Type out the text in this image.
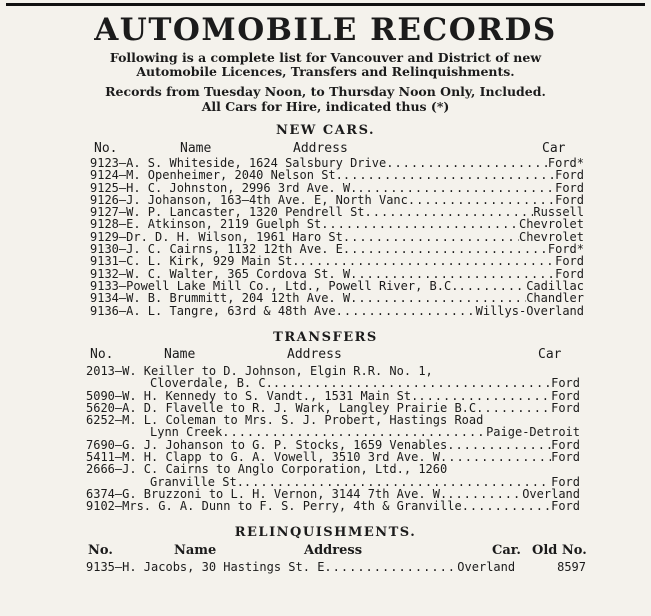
AUTOMOBILE RECORDS
Following is a complete list for Vancouver and District of new
Automobile Licences, Transfers and Relinquishments.
Records from Tuesday Noon, to Thursday Noon Only, Included.
All Cars for Hire, indicated thus (*)
NEW CARS.
No.	Name	Address	Car
9123—A. S. Whiteside, 1624 Salsbury Drive .....	Ford*
9124—M. Openheimer, 2040 Nelson St. .....	Ford
9125—H. C. Johnston, 2996 3rd Ave. W. .....	Ford
9126—J. Johanson, 163—4th Ave. E, North Vanc .....	Ford
9127—W. P. Lancaster, 1320 Pendrell St .....	Russell
9128—E. Atkinson, 2119 Guelph St .....	Chevrolet
9129—Dr. D. H. Wilson, 1961 Haro St .....	Chevrolet
9130—J. C. Cairns, 1132 12th Ave. E .....	Ford*
9131—C. L. Kirk, 929 Main St. .....	Ford
9132—W. C. Walter, 365 Cordova St. W .....	Ford
9133—Powell Lake Mill Co., Ltd., Powell River, B.C. .....	Cadillac
9134—W. B. Brummitt, 204 12th Ave. W .....	Chandler
9136—A. L. Tangre, 63rd & 48th Ave .....	Willys-Overland
TRANSFERS
No.	Name	Address	Car
2013—W. Keiller to D. Johnson, Elgin R.R. No. 1,
Cloverdale, B. C. .....	Ford
5090—W. H. Kennedy to S. Vandt., 1531 Main St. .....	Ford
5620—A. D. Flavelle to R. J. Wark, Langley Prairie B.C .....	Ford
6252—M. L. Coleman to Mrs. S. J. Probert, Hastings Road
Lynn Creek .....	Paige-Detroit
7690—G. J. Johanson to G. P. Stocks, 1659 Venables .....	Ford
5411—M. H. Clapp to G. A. Vowell, 3510 3rd Ave. W .....	Ford
2666—J. C. Cairns to Anglo Corporation, Ltd., 1260
Granville St. .....	Ford
6374—G. Bruzzoni to L. H. Vernon, 3144 7th Ave. W. .....	Overland
9102—Mrs. G. A. Dunn to F. S. Perry, 4th & Granville .....	Ford
RELINQUISHMENTS.
No.	Name	Address	Car. Old No.
9135—H. Jacobs, 30 Hastings St. E .....	Overland	8597
